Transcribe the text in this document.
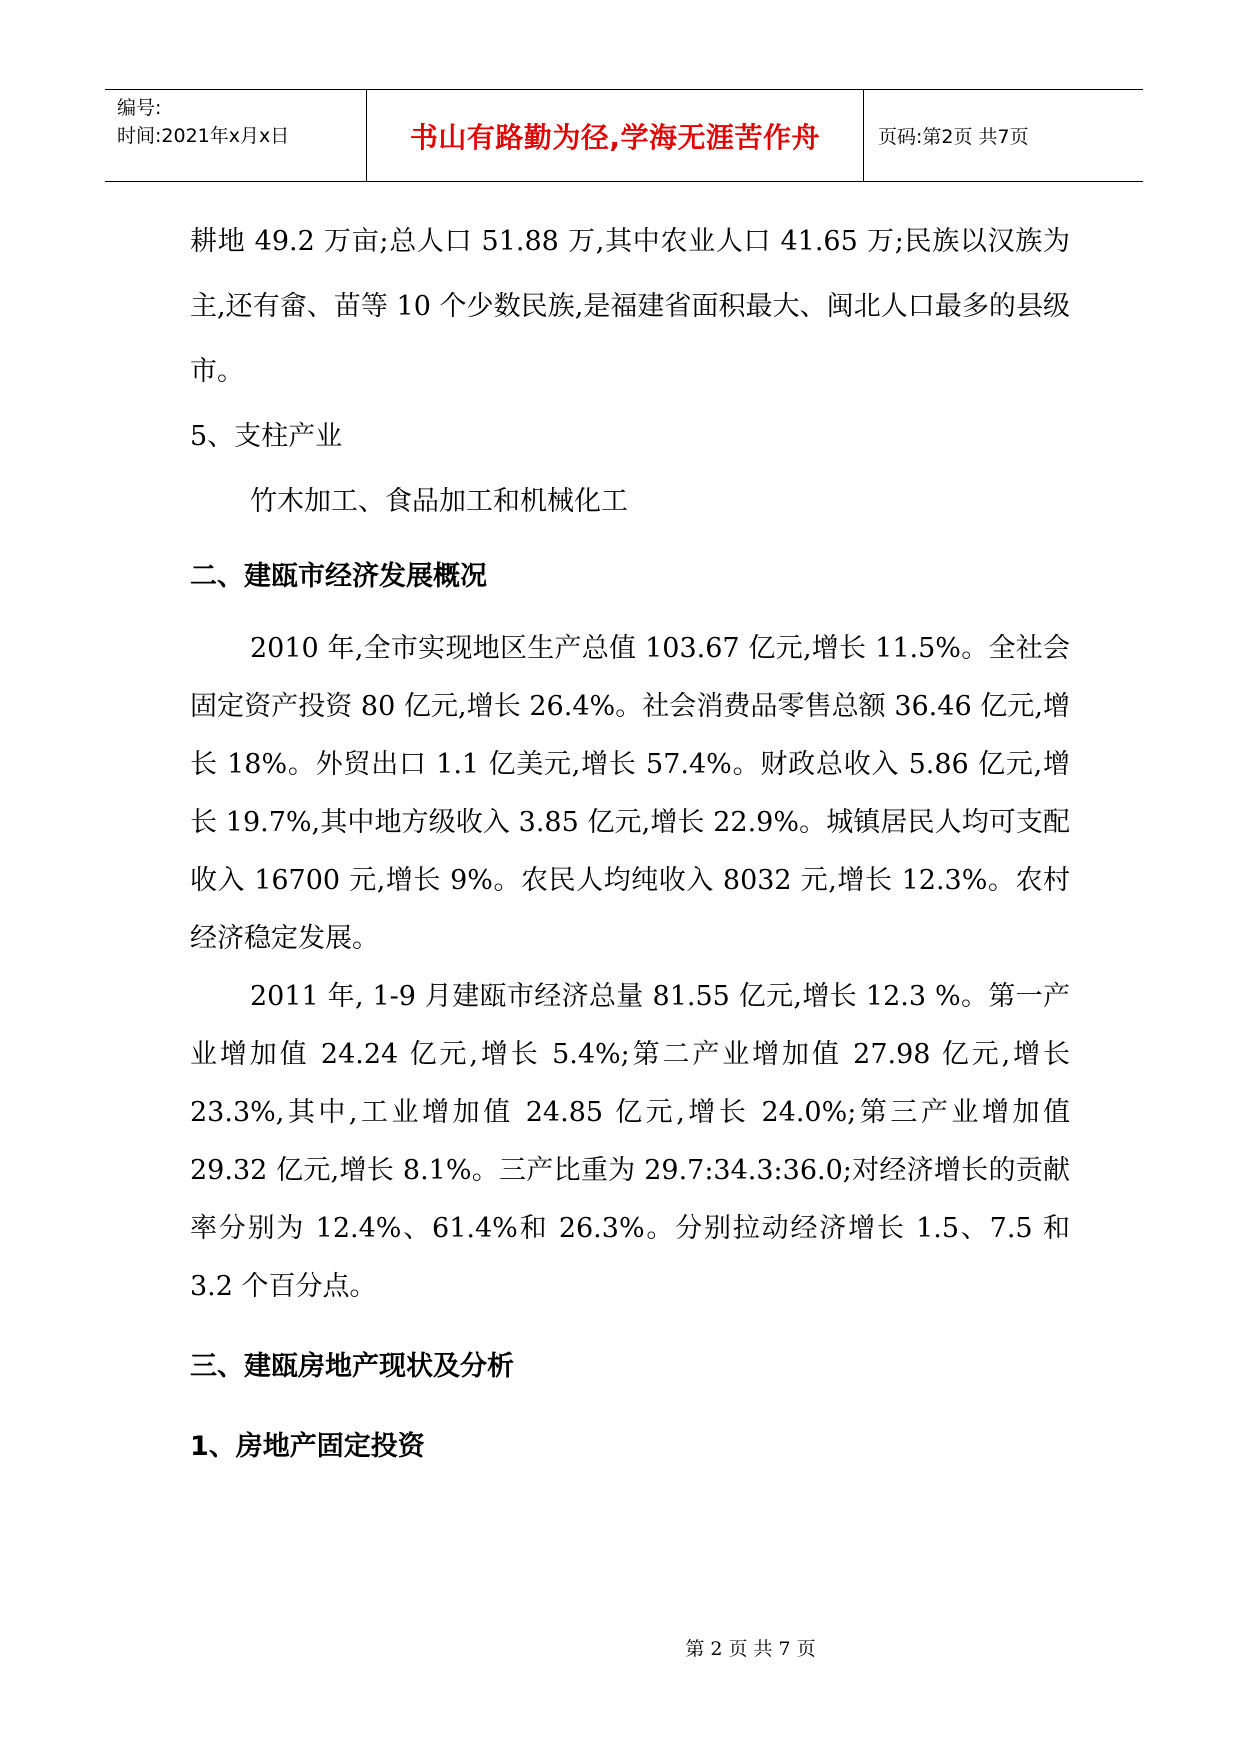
编号:
时间:2021年x月x日	书山有路勤为径,学海无涯苦作舟	页码:第2页 共7页

耕地 49.2 万亩;总人口 51.88 万,其中农业人口 41.65 万;民族以汉族为主,还有畲、苗等 10 个少数民族,是福建省面积最大、闽北人口最多的县级市。

5、支柱产业

竹木加工、食品加工和机械化工

二、建瓯市经济发展概况

2010 年,全市实现地区生产总值 103.67 亿元,增长 11.5%。全社会固定资产投资 80 亿元,增长 26.4%。社会消费品零售总额 36.46 亿元,增长 18%。外贸出口 1.1 亿美元,增长 57.4%。财政总收入 5.86 亿元,增长 19.7%,其中地方级收入 3.85 亿元,增长 22.9%。城镇居民人均可支配收入 16700 元,增长 9%。农民人均纯收入 8032 元,增长 12.3%。农村经济稳定发展。

2011 年, 1-9 月建瓯市经济总量 81.55 亿元,增长 12.3 %。第一产业增加值 24.24 亿元,增长 5.4%;第二产业增加值 27.98 亿元,增长 23.3%,其中,工业增加值 24.85 亿元,增长 24.0%;第三产业增加值 29.32 亿元,增长 8.1%。三产比重为 29.7:34.3:36.0;对经济增长的贡献率分别为 12.4%、61.4%和 26.3%。分别拉动经济增长 1.5、7.5 和 3.2 个百分点。

三、建瓯房地产现状及分析

1、房地产固定投资

第 2 页 共 7 页
